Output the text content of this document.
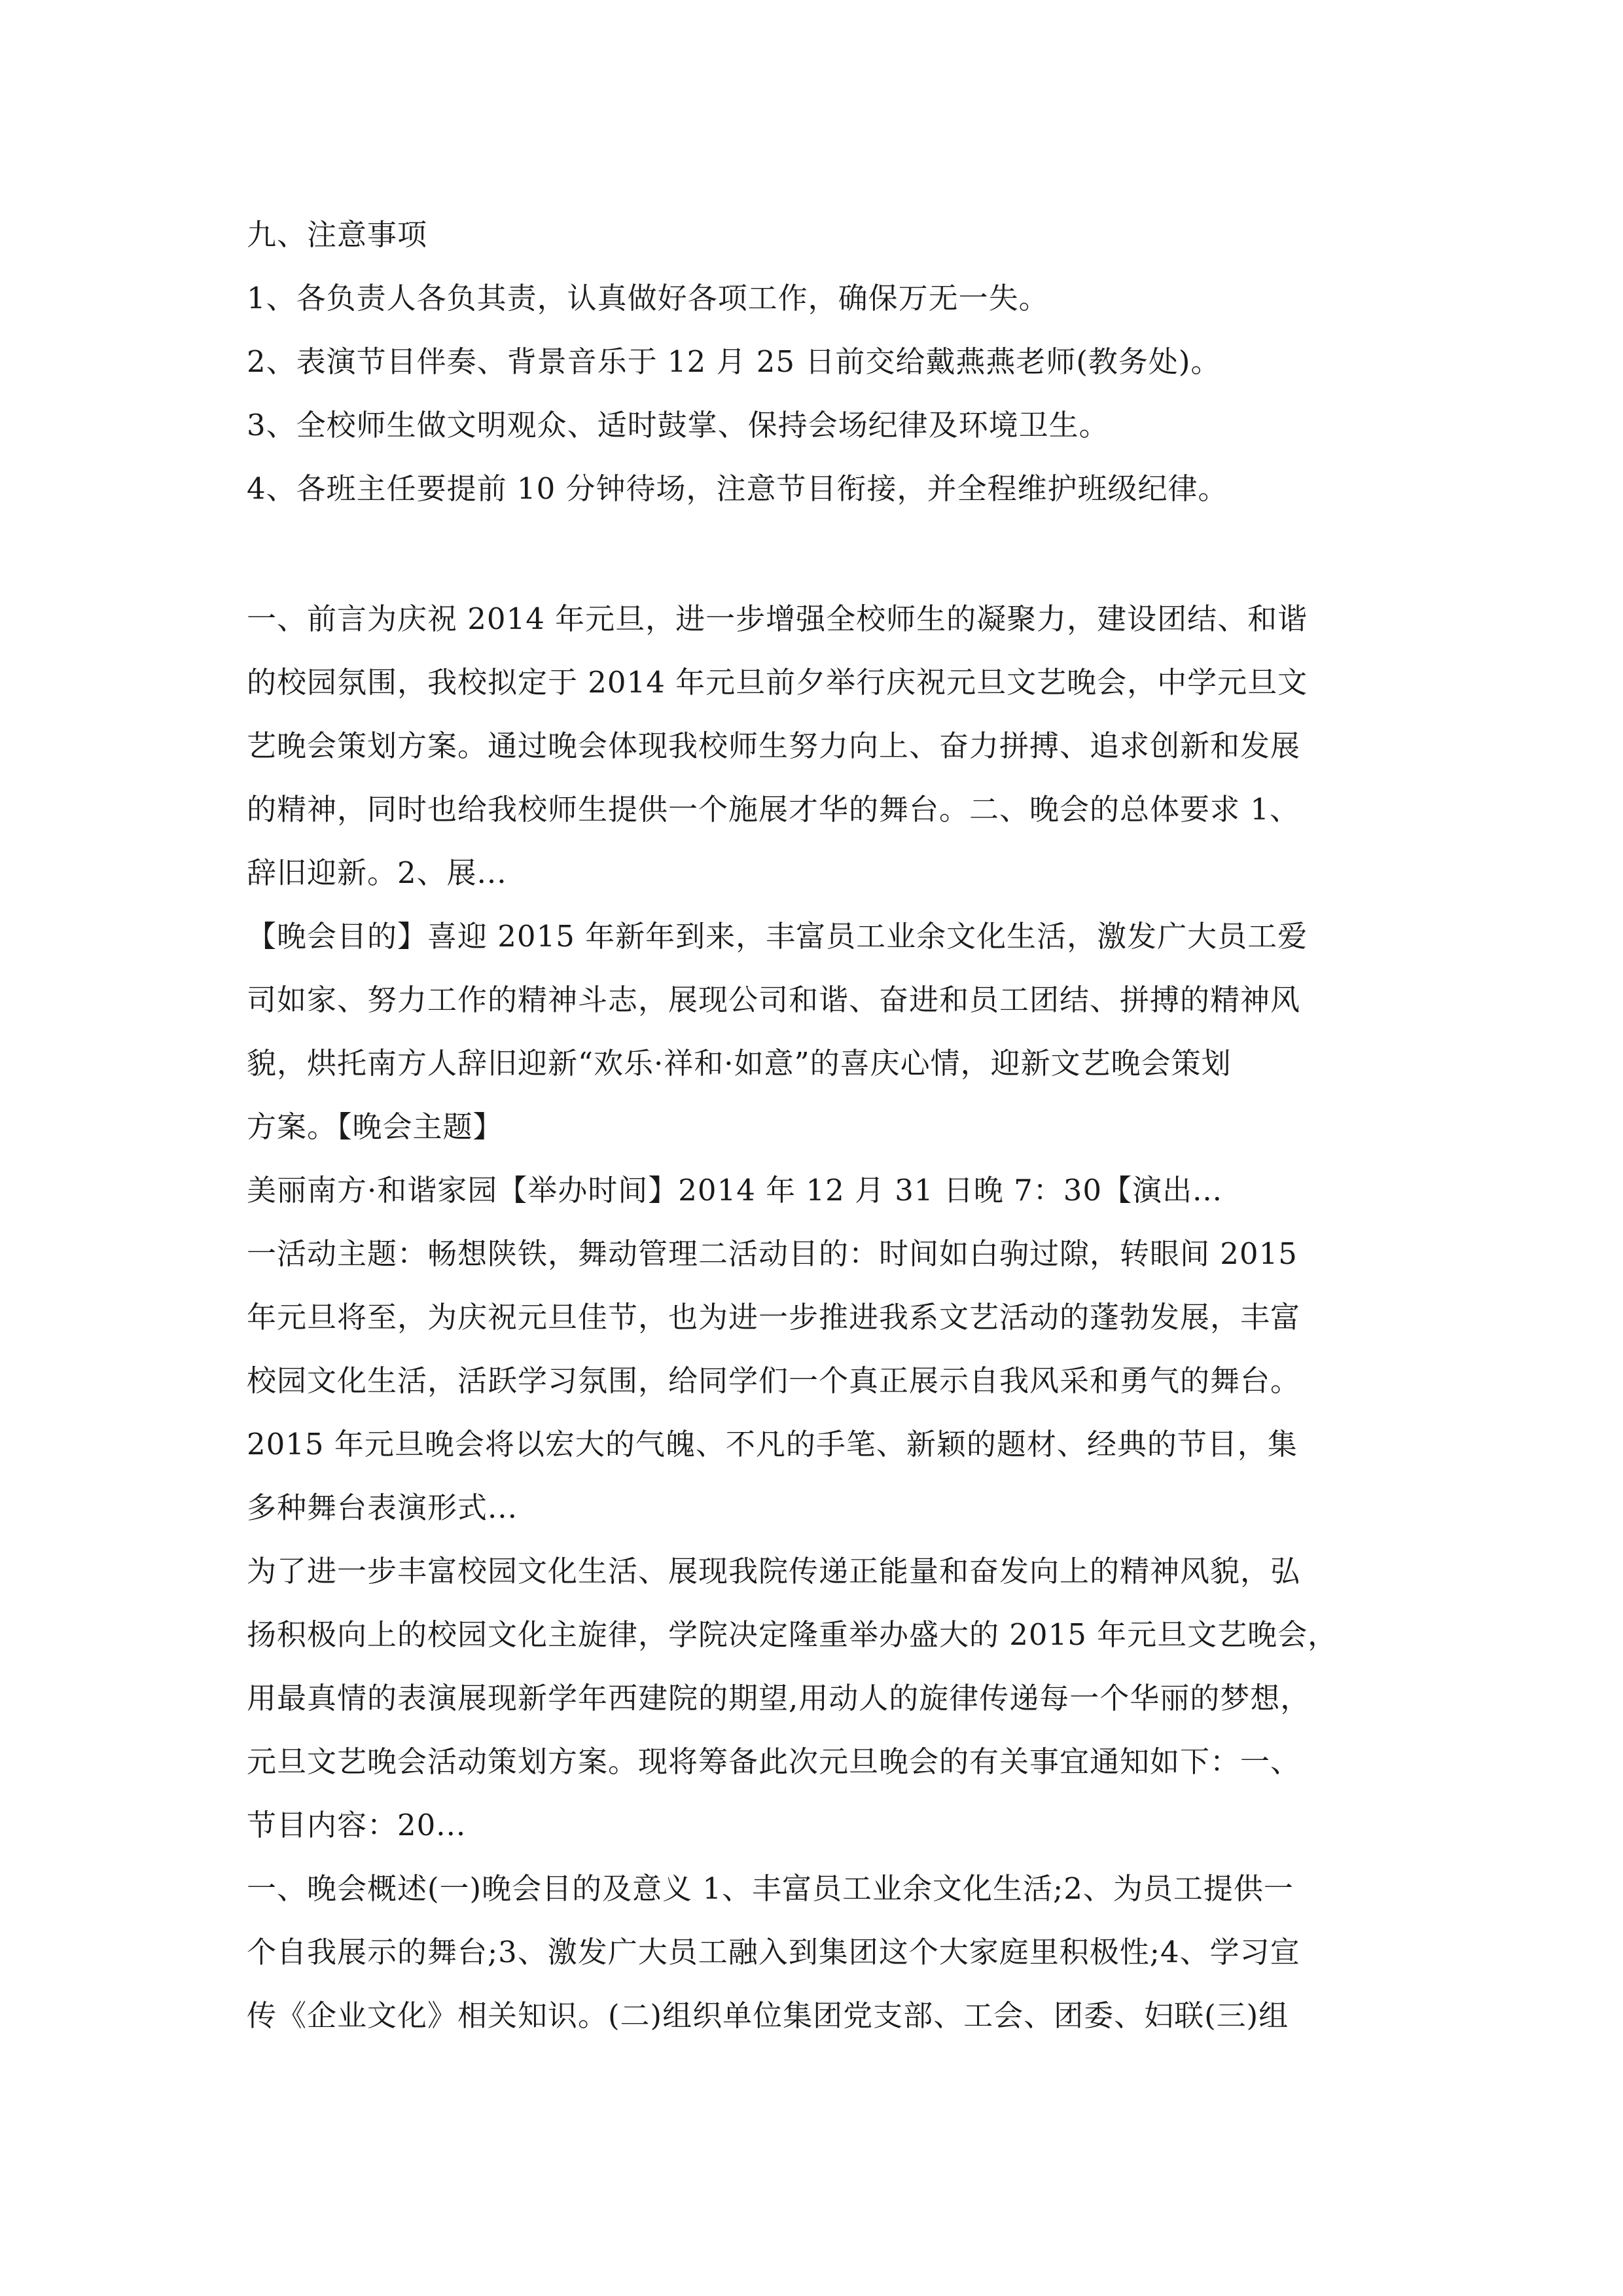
九、注意事项

1、各负责人各负其责，认真做好各项工作，确保万无一失。

2、表演节目伴奏、背景音乐于 12 月 25 日前交给戴燕燕老师(教务处)。

3、全校师生做文明观众、适时鼓掌、保持会场纪律及环境卫生。

4、各班主任要提前 10 分钟待场，注意节目衔接，并全程维护班级纪律。

一、前言为庆祝 2014 年元旦，进一步增强全校师生的凝聚力，建设团结、和谐

的校园氛围，我校拟定于 2014 年元旦前夕举行庆祝元旦文艺晚会，中学元旦文

艺晚会策划方案。通过晚会体现我校师生努力向上、奋力拼搏、追求创新和发展

的精神，同时也给我校师生提供一个施展才华的舞台。二、晚会的总体要求 1、

辞旧迎新。2、展...

【晚会目的】喜迎 2015 年新年到来，丰富员工业余文化生活，激发广大员工爱

司如家、努力工作的精神斗志，展现公司和谐、奋进和员工团结、拼搏的精神风

貌，烘托南方人辞旧迎新“欢乐·祥和·如意”的喜庆心情，迎新文艺晚会策划

方案。【晚会主题】

美丽南方·和谐家园【举办时间】2014 年 12 月 31 日晚 7：30【演出...

一活动主题：畅想陕铁，舞动管理二活动目的：时间如白驹过隙，转眼间 2015

年元旦将至，为庆祝元旦佳节，也为进一步推进我系文艺活动的蓬勃发展，丰富

校园文化生活，活跃学习氛围，给同学们一个真正展示自我风采和勇气的舞台。

2015 年元旦晚会将以宏大的气魄、不凡的手笔、新颖的题材、经典的节目，集

多种舞台表演形式...

为了进一步丰富校园文化生活、展现我院传递正能量和奋发向上的精神风貌，弘

扬积极向上的校园文化主旋律，学院决定隆重举办盛大的 2015 年元旦文艺晚会，

用最真情的表演展现新学年西建院的期望,用动人的旋律传递每一个华丽的梦想，

元旦文艺晚会活动策划方案。现将筹备此次元旦晚会的有关事宜通知如下：一、

节目内容：20...

一、晚会概述(一)晚会目的及意义 1、丰富员工业余文化生活;2、为员工提供一

个自我展示的舞台;3、激发广大员工融入到集团这个大家庭里积极性;4、学习宣

传《企业文化》相关知识。(二)组织单位集团党支部、工会、团委、妇联(三)组
